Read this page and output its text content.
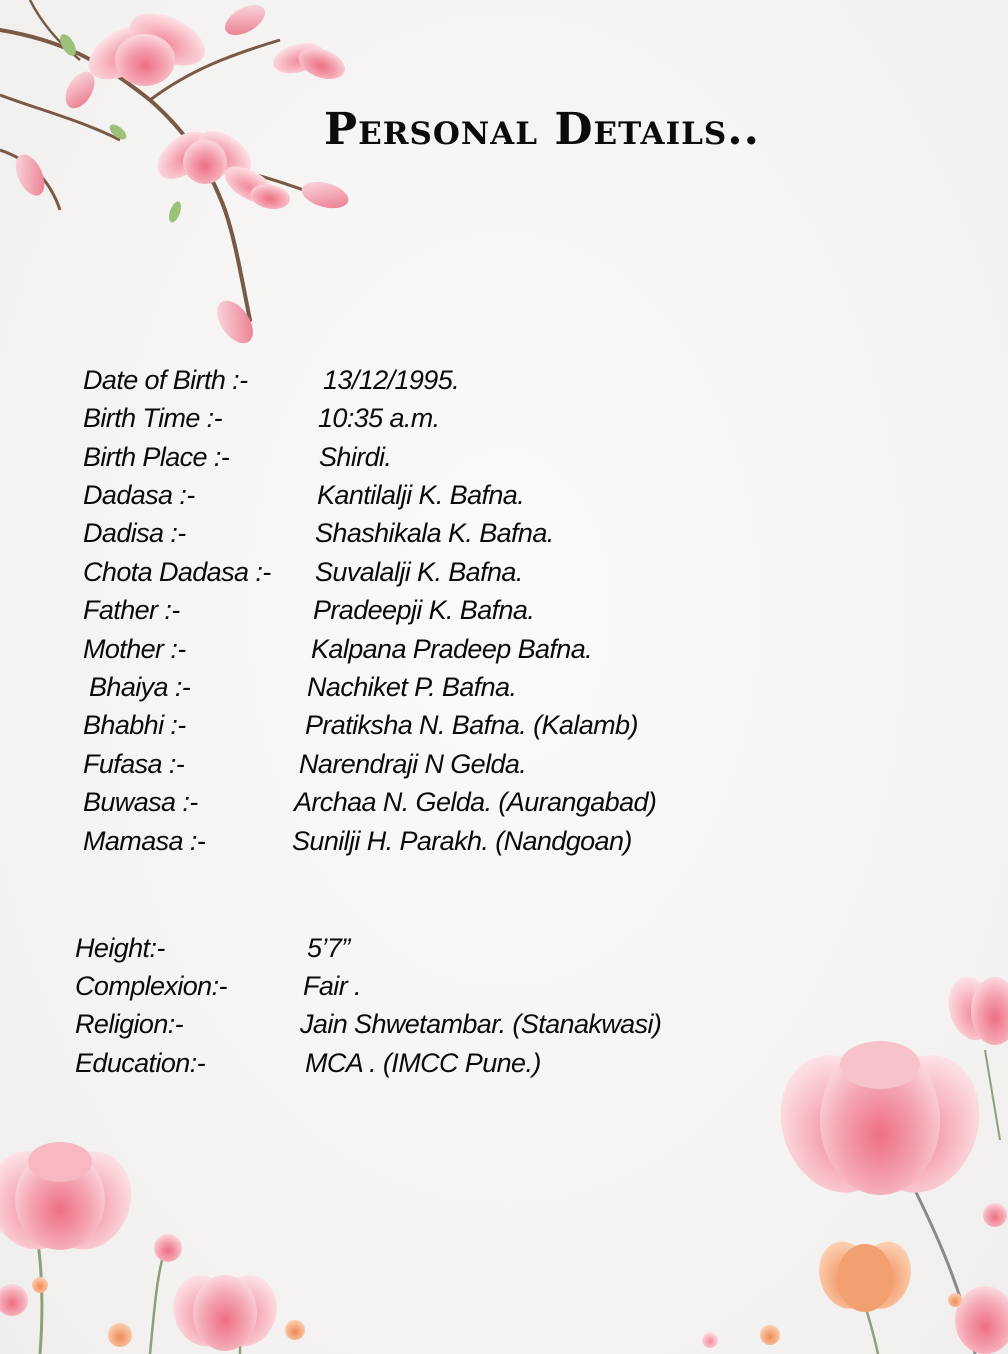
Personal Details..
Date of Birth :-	13/12/1995.
Birth Time :-	10:35 a.m.
Birth Place :-	Shirdi.
Dadasa :-	Kantilalji K. Bafna.
Dadisa :-	Shashikala K. Bafna.
Chota Dadasa :- Suvalalji K. Bafna.
Father :-	Pradeepji K. Bafna.
Mother :-	Kalpana Pradeep Bafna.
Bhaiya :-	Nachiket P. Bafna.
Bhabhi :-	Pratiksha N. Bafna. (Kalamb)
Fufasa :-	Narendraji N Gelda.
Buwasa :-	Archaa N. Gelda. (Aurangabad)
Mamasa :-	Sunilji H. Parakh. (Nandgoan)
Height:-	5’7”
Complexion:-	Fair .
Religion:-	Jain Shwetambar. (Stanakwasi)
Education:-	MCA . (IMCC Pune.)
